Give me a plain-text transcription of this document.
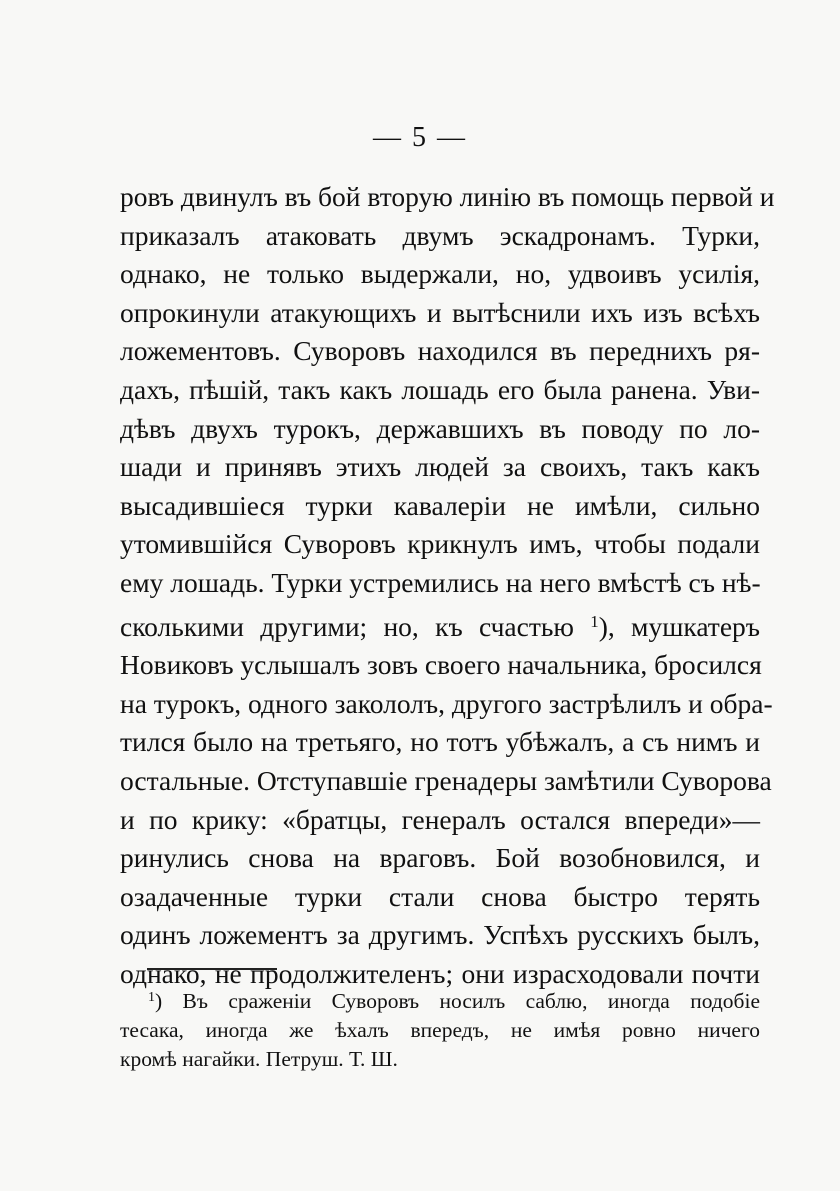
— 5 —
ровъ двинулъ въ бой вторую линію въ помощь первой и
приказалъ атаковать двумъ эскадронамъ. Турки,
однако, не только выдержали, но, удвоивъ усилія,
опрокинули атакующихъ и вытѣснили ихъ изъ всѣхъ
ложементовъ. Суворовъ находился въ переднихъ ря-
дахъ, пѣшій, такъ какъ лошадь его была ранена. Уви-
дѣвъ двухъ турокъ, державшихъ въ поводу по ло-
шади и принявъ этихъ людей за своихъ, такъ какъ
высадившіеся турки кавалеріи не имѣли, сильно
утомившійся Суворовъ крикнулъ имъ, чтобы подали
ему лошадь. Турки устремились на него вмѣстѣ съ нѣ-
сколькими другими; но, къ счастью $^1$), мушкатеръ
Новиковъ услышалъ зовъ своего начальника, бросился
на турокъ, одного закололъ, другого застрѣлилъ и обра-
тился было на третьяго, но тотъ убѣжалъ, а съ нимъ и
остальные. Отступавшіе гренадеры замѣтили Суворова
и по крику: «братцы, генералъ остался впереди»—
ринулись снова на враговъ. Бой возобновился, и
озадаченные турки стали снова быстро терять
одинъ ложементъ за другимъ. Успѣхъ русскихъ былъ,
однако, не продолжителенъ; они израсходовали почти
$^1$) Въ сраженіи Суворовъ носилъ саблю, иногда подобіе
тесака, иногда же ѣхалъ впередъ, не имѣя ровно ничего
кромѣ нагайки. Петруш. Т. Ш.
